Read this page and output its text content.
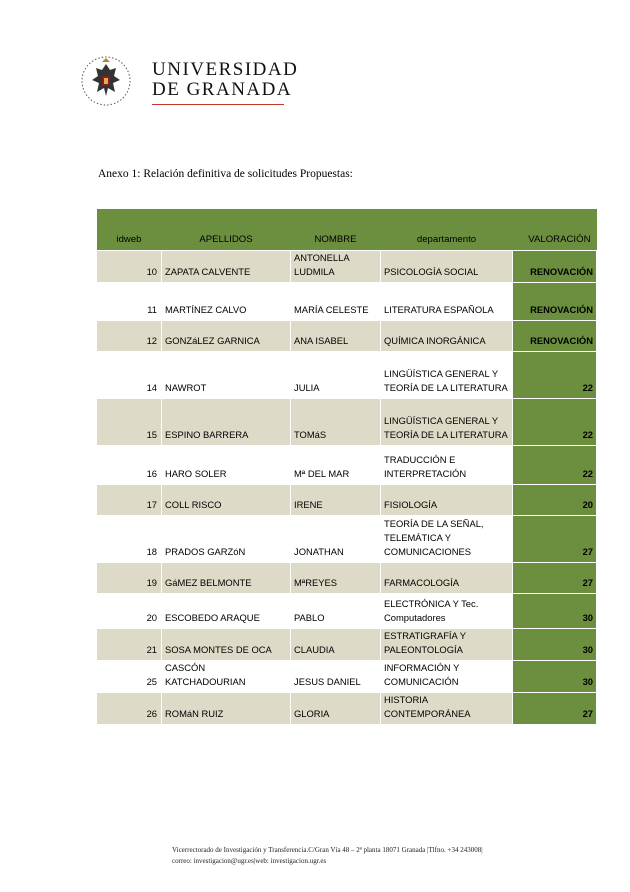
UNIVERSIDAD
DE GRANADA
Anexo 1: Relación definitiva de solicitudes Propuestas:
idweb	APELLIDOS	NOMBRE	departamento	VALORACIÓN
10	ZAPATA CALVENTE	ANTONELLA LUDMILA	PSICOLOGÍA SOCIAL	RENOVACIÓN
11	MARTÍNEZ CALVO	MARÍA CELESTE	LITERATURA ESPAÑOLA	RENOVACIÓN
12	GONZáLEZ GARNICA	ANA ISABEL	QUÍMICA INORGÁNICA	RENOVACIÓN
14	NAWROT	JULIA	LINGÜÍSTICA GENERAL Y TEORÍA DE LA LITERATURA	22
15	ESPINO BARRERA	TOMáS	LINGÜÍSTICA GENERAL Y TEORÍA DE LA LITERATURA	22
16	HARO SOLER	Mª DEL MAR	TRADUCCIÓN E INTERPRETACIÓN	22
17	COLL RISCO	IRENE	FISIOLOGÍA	20
18	PRADOS GARZóN	JONATHAN	TEORÍA DE LA SEÑAL, TELEMÁTICA Y COMUNICACIONES	27
19	GáMEZ BELMONTE	MªREYES	FARMACOLOGÍA	27
20	ESCOBEDO ARAQUE	PABLO	ELECTRÓNICA Y Tec. Computadores	30
21	SOSA MONTES DE OCA	CLAUDIA	ESTRATIGRAFÍA Y PALEONTOLOGÍA	30
25	CASCÓN KATCHADOURIAN	JESUS DANIEL	INFORMACIÓN Y COMUNICACIÓN	30
26	ROMáN RUIZ	GLORIA	HISTORIA CONTEMPORÁNEA	27
Vicerrectorado de Investigación y Transferencia.C/Gran Vía 48 – 2ª planta 18071 Granada |Tlfno. +34 243008|
correo: investigacion@ugr.es|web: investigacion.ugr.es
